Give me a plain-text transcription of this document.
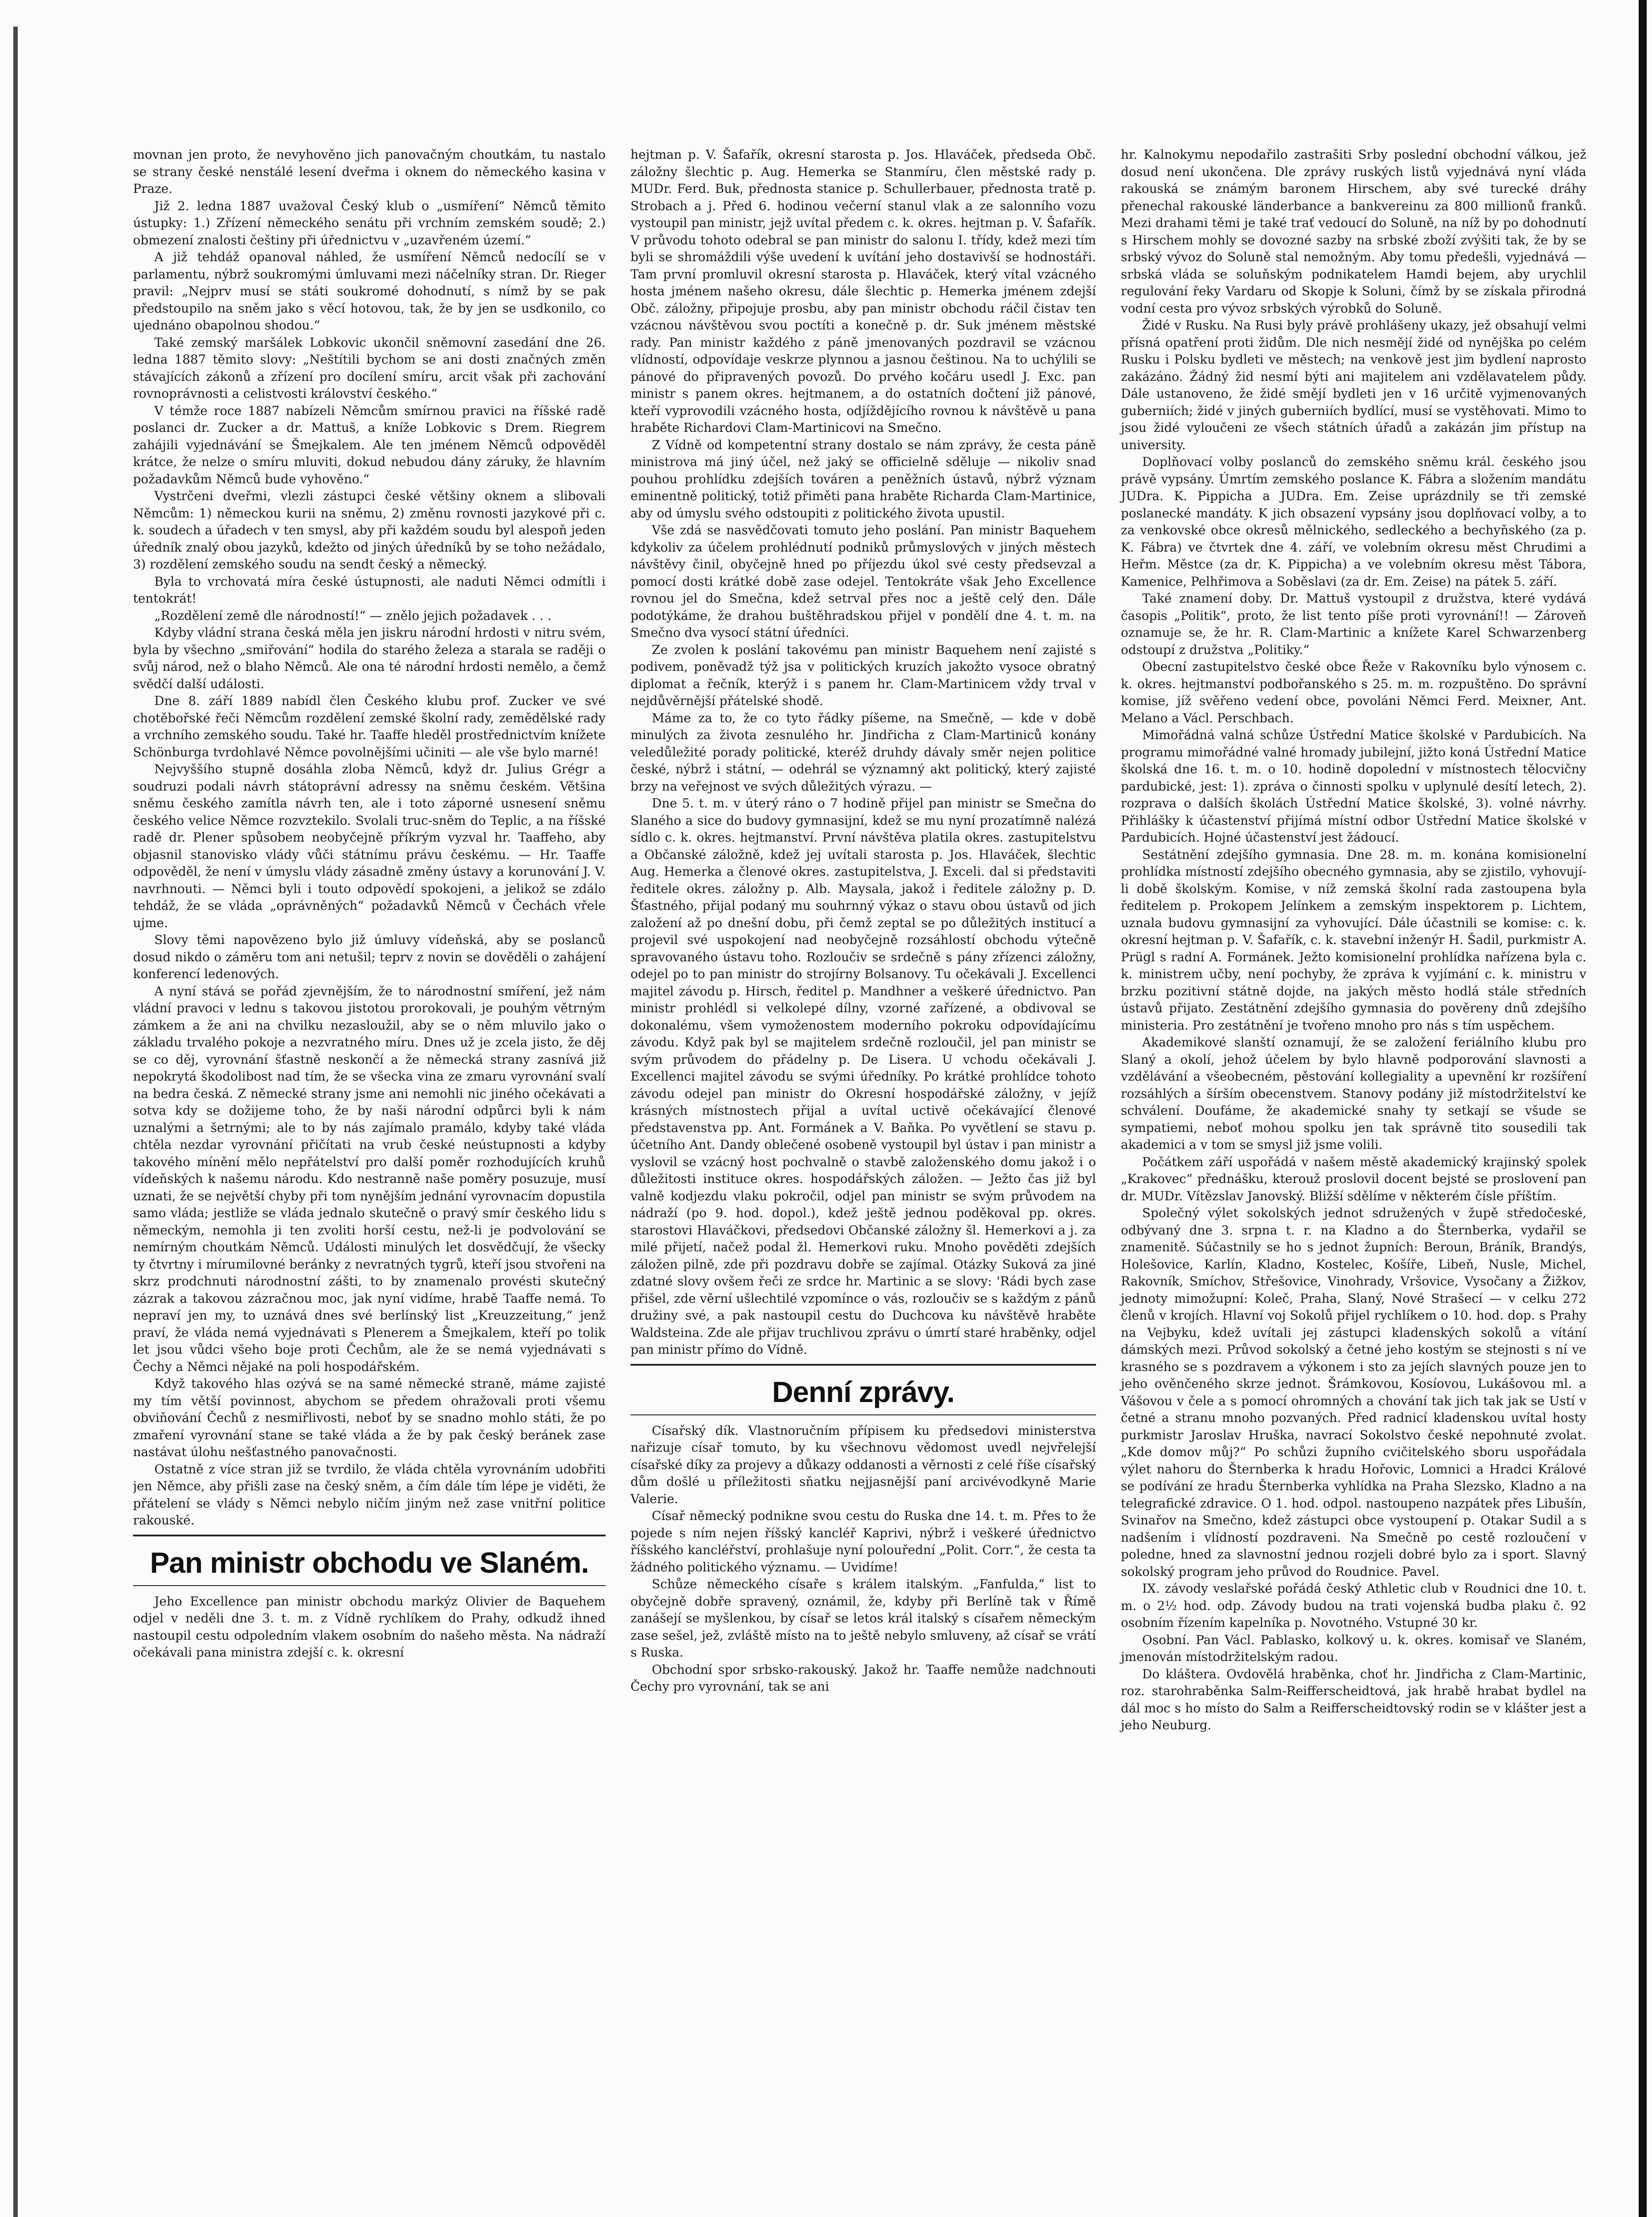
movnan jen proto, že nevyhověno jich panovačným choutkám, tu nastalo se strany české nenstálé lesení dveřma i oknem do německého kasina v Praze.

Již 2. ledna 1887 uvažoval Český klub o „usmíření“ Němců těmito ústupky: 1.) Zřízení německého senátu při vrchním zemském soudě; 2.) obmezení znalosti češtiny při úřednictvu v „uzavřeném území.“

A již tehdáž opanoval náhled, že usmíření Němců nedocílí se v parlamentu, nýbrž soukromými úmluvami mezi náčelníky stran. Dr. Rieger pravil: „Nejprv musí se státi soukromé dohodnutí, s nímž by se pak předstoupilo na sněm jako s věcí hotovou, tak, že by jen se usdkonilo, co ujednáno obapolnou shodou.“

Také zemský maršálek Lobkovic ukončil sněmovní zasedání dne 26. ledna 1887 těmito slovy: „Neštítili bychom se ani dosti značných změn stávajících zákonů a zřízení pro docílení smíru, arcit však při zachování rovnoprávnosti a celistvosti království českého.“

V témže roce 1887 nabízeli Němcům smírnou pravici na říšské radě poslanci dr. Zucker a dr. Mattuš, a kníže Lobkovic s Drem. Riegrem zahájili vyjednávání se Šmejkalem. Ale ten jménem Němců odpověděl krátce, že nelze o smíru mluviti, dokud nebudou dány záruky, že hlavním požadavkům Němců bude vyhověno.“

Vystrčeni dveřmi, vlezli zástupci české většiny oknem a slibovali Němcům: 1) německou kurii na sněmu, 2) změnu rovnosti jazykové při c. k. soudech a úřadech v ten smysl, aby při každém soudu byl alespoň jeden úředník znalý obou jazyků, kdežto od jiných úředníků by se toho nežádalo, 3) rozdělení zemského soudu na sendt český a německý.

Byla to vrchovatá míra české ústupnosti, ale naduti Němci odmítli i tentokrát!

„Rozdělení země dle národností!“ — znělo jejich požadavek . . .

Kdyby vládní strana česká měla jen jiskru národní hrdosti v nitru svém, byla by všechno „smiřování“ hodila do starého železa a starala se raději o svůj národ, než o blaho Němců. Ale ona té národní hrdosti nemělo, a čemž svědčí další události.

Dne 8. září 1889 nabídl člen Českého klubu prof. Zucker ve své chotěbořské řeči Němcům rozdělení zemské školní rady, zemědělské rady a vrchního zemského soudu. Také hr. Taaffe hleděl prostřednictvím knížete Schönburga tvrdohlavé Němce povolnějšími učiniti — ale vše bylo marné!

Nejvyššího stupně dosáhla zloba Němců, když dr. Julius Grégr a soudruzi podali návrh státoprávní adressy na sněmu českém. Většina sněmu českého zamítla návrh ten, ale i toto záporné usnesení sněmu českého velice Němce rozvztekilo. Svolali truc-sněm do Teplic, a na říšské radě dr. Plener spůsobem neobyčejně příkrým vyzval hr. Taaffeho, aby objasnil stanovisko vlády vůči státnímu právu českému. — Hr. Taaffe odpověděl, že není v úmyslu vlády zásadně změny ústavy a korunování J. V. navrhnouti. — Němci byli i touto odpovědí spokojeni, a jelikož se zdálo tehdáž, že se vláda „oprávněných“ požadavků Němců v Čechách vřele ujme.

Slovy těmi napovězeno bylo již úmluvy vídeňská, aby se poslanců dosud nikdo o záměru tom ani netušil; teprv z novin se dověděli o zahájení konferencí ledenových.

A nyní stává se pořád zjevnějším, že to národnostní smíření, jež nám vládní pravoci v lednu s takovou jistotou prorokovali, je pouhým větrným zámkem a že ani na chvilku nezasloužil, aby se o něm mluvilo jako o základu trvalého pokoje a nezvratného míru. Dnes už je zcela jisto, že děj se co děj, vyrovnání šťastně neskončí a že německá strany zasnívá již nepokrytá škodolibost nad tím, že se všecka vina ze zmaru vyrovnání svalí na bedra česká. Z německé strany jsme ani nemohli nic jiného očekávati a sotva kdy se dožijeme toho, že by naši národní odpůrci byli k nám uznalými a šetrnými; ale to by nás zajímalo pramálo, kdyby také vláda chtěla nezdar vyrovnání přičítati na vrub české neústupnosti a kdyby takového mínění mělo nepřátelství pro další poměr rozhodujících kruhů vídeňských k našemu národu. Kdo nestranně naše poměry posuzuje, musí uznati, že se největší chyby při tom nynějším jednání vyrovnacím dopustila samo vláda; jestliže se vláda jednalo skutečně o pravý smír českého lidu s německým, nemohla ji ten zvoliti horší cestu, než-li je podvolování se nemírným choutkám Němců. Události minulých let dosvědčují, že všecky ty čtvrtny i mírumilovné beránky z nevratných tygrů, kteří jsou stvořeni na skrz prodchnuti národnostní zášti, to by znamenalo provésti skutečný zázrak a takovou zázračnou moc, jak nyní vidíme, hrabě Taaffe nemá. To nepraví jen my, to uznává dnes své berlínský list „Kreuzzeitung,“ jenž praví, že vláda nemá vyjednávati s Plenerem a Šmejkalem, kteří po tolik let jsou vůdci všeho boje proti Čechům, ale že se nemá vyjednávati s Čechy a Němci nějaké na poli hospodářském.

Když takového hlas ozývá se na samé německé straně, máme zajisté my tím větší povinnost, abychom se předem ohražovali proti všemu obviňování Čechů z nesmiřlivosti, neboť by se snadno mohlo státi, že po zmaření vyrovnání stane se také vláda a že by pak český beránek zase nastávat úlohu nešťastného panovačnosti.

Ostatně z více stran již se tvrdilo, že vláda chtěla vyrovnáním udobřiti jen Němce, aby přišli zase na český sněm, a čím dále tím lépe je viděti, že přátelení se vlády s Němci nebylo ničím jiným než zase vnitřní politice rakouské.

Pan ministr obchodu ve Slaném.

Jeho Excellence pan ministr obchodu markýz Olivier de Baquehem odjel v neděli dne 3. t. m. z Vídně rychlíkem do Prahy, odkudž ihned nastoupil cestu odpoledním vlakem osobním do našeho města. Na nádraží očekávali pana ministra zdejší c. k. okresní

hejtman p. V. Šafařík, okresní starosta p. Jos. Hlaváček, předseda Obč. záložny šlechtic p. Aug. Hemerka se Stanmíru, člen městské rady p. MUDr. Ferd. Buk, přednosta stanice p. Schullerbauer, přednosta tratě p. Strobach a j. Před 6. hodinou večerní stanul vlak a ze salonního vozu vystoupil pan ministr, jejž uvítal předem c. k. okres. hejtman p. V. Šafařík. V průvodu tohoto odebral se pan ministr do salonu I. třídy, kdež mezi tím byli se shromáždili výše uvedení k uvítání jeho dostavivší se hodnostáři. Tam první promluvil okresní starosta p. Hlaváček, který vítal vzácného hosta jménem našeho okresu, dále šlechtic p. Hemerka jménem zdejší Obč. záložny, připojuje prosbu, aby pan ministr obchodu ráčil čistav ten vzácnou návštěvou svou poctíti a konečně p. dr. Suk jménem městské rady. Pan ministr každého z páně jmenovaných pozdravil se vzácnou vlídností, odpovídaje veskrze plynnou a jasnou češtinou. Na to uchýlili se pánové do připravených povozů. Do prvého kočáru usedl J. Exc. pan ministr s panem okres. hejtmanem, a do ostatních dočtení již pánové, kteří vyprovodili vzácného hosta, odjíždějícího rovnou k návštěvě u pana hraběte Richardovi Clam-Martinicovi na Smečno.

Z Vídně od kompetentní strany dostalo se nám zprávy, že cesta páně ministrova má jiný účel, než jaký se officielně sděluje — nikoliv snad pouhou prohlídku zdejších továren a peněžních ústavů, nýbrž význam eminentně politický, totiž přiměti pana hraběte Richarda Clam-Martinice, aby od úmyslu svého odstoupiti z politického života upustil.

Vše zdá se nasvědčovati tomuto jeho poslání. Pan ministr Baquehem kdykoliv za účelem prohlédnutí podniků průmyslových v jiných městech návštěvy činil, obyčejně hned po příjezdu úkol své cesty předsevzal a pomocí dosti krátké době zase odejel. Tentokráte však Jeho Excellence rovnou jel do Smečna, kdež setrval přes noc a ještě celý den. Dále podotýkáme, že drahou buštěhradskou přijel v pondělí dne 4. t. m. na Smečno dva vysocí státní úředníci.

Ze zvolen k poslání takovému pan ministr Baquehem není zajisté s podivem, poněvadž týž jsa v politických kruzích jakožto vysoce obratný diplomat a řečník, kterýž i s panem hr. Clam-Martinicem vždy trval v nejdůvěrnější přátelské shodě.

Máme za to, že co tyto řádky píšeme, na Smečně, — kde v době minulých za života zesnulého hr. Jindřicha z Clam-Martiniců konány veledůležité porady politické, kteréž druhdy dávaly směr nejen politice české, nýbrž i státní, — odehrál se významný akt politický, který zajisté brzy na veřejnost ve svých důležitých výrazu. —

Dne 5. t. m. v úterý ráno o 7 hodině přijel pan ministr se Smečna do Slaného a sice do budovy gymnasijní, kdež se mu nyní prozatímně nalézá sídlo c. k. okres. hejtmanství. První návštěva platila okres. zastupitelstvu a Občanské záložně, kdež jej uvítali starosta p. Jos. Hlaváček, šlechtic Aug. Hemerka a členové okres. zastupitelstva, J. Exceli. dal si představiti ředitele okres. záložny p. Alb. Maysala, jakož i ředitele záložny p. D. Šťastného, přijal podaný mu souhrnný výkaz o stavu obou ústavů od jich založení až po dnešní dobu, při čemž zeptal se po důležitých institucí a projevil své uspokojení nad neobyčejně rozsáhlostí obchodu výtečně spravovaného ústavu toho. Rozloučiv se srdečně s pány zřízenci záložny, odejel po to pan ministr do strojírny Bolsanovy. Tu očekávali J. Excellenci majitel závodu p. Hirsch, ředitel p. Mandhner a veškeré úřednictvo. Pan ministr prohlédl si velkolepé dílny, vzorné zařízené, a obdivoval se dokonalému, všem vymoženostem moderního pokroku odpovídajícímu závodu. Když pak byl se majitelem srdečně rozloučil, jel pan ministr se svým průvodem do přádelny p. De Lisera. U vchodu očekávali J. Excellenci majitel závodu se svými úředníky. Po krátké prohlídce tohoto závodu odejel pan ministr do Okresní hospodářské záložny, v jejíž krásných místnostech přijal a uvítal uctivě očekávající členové představenstva pp. Ant. Formánek a V. Baňka. Po vyvětlení se stavu p. účetního Ant. Dandy oblečené osobeně vystoupil byl ústav i pan ministr a vyslovil se vzácný host pochvalně o stavbě založenského domu jakož i o důležitosti instituce okres. hospodářských záložen. — Ježto čas již byl valně kodjezdu vlaku pokročil, odjel pan ministr se svým průvodem na nádraží (po 9. hod. dopol.), kdež ještě jednou poděkoval pp. okres. starostovi Hlaváčkovi, předsedovi Občanské záložny šl. Hemerkovi a j. za milé přijetí, načež podal žl. Hemerkovi ruku. Mnoho pověděti zdejších záložen pilně, zde při pozdravu dobře se zajímal. Otázky Suková za jiné zdatné slovy ovšem řeči ze srdce hr. Martinic a se slovy: 'Rádi bych zase přišel, zde věrní ušlechtilé vzpomínce o vás, rozloučiv se s každým z pánů družiny své, a pak nastoupil cestu do Duchcova ku návštěvě hraběte Waldsteina. Zde ale přijav truchlivou zprávu o úmrtí staré hraběnky, odjel pan ministr přímo do Vídně.

Denní zprávy.

Císařský dík. Vlastnoručním přípisem ku předsedovi ministerstva nařizuje císař tomuto, by ku všechnovu vědomost uvedl nejvřelejší císařské díky za projevy a důkazy oddanosti a věrnosti z celé říše císařský dům došlé u příležitosti sňatku nejjasnější paní arcivévodkyně Marie Valerie.

Císař německý podnikne svou cestu do Ruska dne 14. t. m. Přes to že pojede s ním nejen říšský kancléř Kaprivi, nýbrž i veškeré úřednictvo říšského kancléřství, prohlašuje nyní polouřední „Polit. Corr.“, že cesta ta žádného politického významu. — Uvidíme!

Schůze německého císaře s králem italským. „Fanfulda,“ list to obyčejně dobře spravený, oznámil, že, kdyby při Berlíně tak v Římě zanášejí se myšlenkou, by císař se letos král italský s císařem německým zase sešel, jež, zvláště místo na to ještě nebylo smluveny, až císař se vrátí s Ruska.

Obchodní spor srbsko-rakouský. Jakož hr. Taaffe nemůže nadchnouti Čechy pro vyrovnání, tak se ani

hr. Kalnokymu nepodařilo zastrašiti Srby poslední obchodní válkou, jež dosud není ukončena. Dle zprávy ruských listů vyjednává nyní vláda rakouská se známým baronem Hirschem, aby své turecké dráhy přenechal rakouské länderbance a bankvereinu za 800 millionů franků. Mezi drahami těmi je také trať vedoucí do Soluně, na níž by po dohodnutí s Hirschem mohly se dovozné sazby na srbské zboží zvýšiti tak, že by se srbský vývoz do Soluně stal nemožným. Aby tomu předešli, vyjednává — srbská vláda se soluňským podnikatelem Hamdi bejem, aby urychlil regulování řeky Vardaru od Skopje k Soluni, čímž by se získala přirodná vodní cesta pro vývoz srbských výrobků do Soluně.

Židé v Rusku. Na Rusi byly právě prohlášeny ukazy, jež obsahují velmi přísná opatření proti židům. Dle nich nesmějí židé od nynějška po celém Rusku i Polsku bydleti ve městech; na venkově jest jim bydlení naprosto zakázáno. Žádný žid nesmí býti ani majitelem ani vzdělavatelem půdy. Dále ustanoveno, že židé smějí bydleti jen v 16 určitě vyjmenovaných guberniích; židé v jiných guberniích bydlící, musí se vystěhovati. Mimo to jsou židé vyloučeni ze všech státních úřadů a zakázán jim přístup na university.

Doplňovací volby poslanců do zemského sněmu král. českého jsou právě vypsány. Úmrtím zemského poslance K. Fábra a složením mandátu JUDra. K. Pippicha a JUDra. Em. Zeise uprázdnily se tři zemské poslanecké mandáty. K jich obsazení vypsány jsou doplňovací volby, a to za venkovské obce okresů mělnického, sedleckého a bechyňského (za p. K. Fábra) ve čtvrtek dne 4. září, ve volebním okresu měst Chrudimi a Heřm. Městce (za dr. K. Pippicha) a ve volebním okresu měst Tábora, Kamenice, Pelhřimova a Soběslavi (za dr. Em. Zeise) na pátek 5. září.

Také znamení doby. Dr. Mattuš vystoupil z družstva, které vydává časopis „Politik“, proto, že list tento píše proti vyrovnání!! — Zároveň oznamuje se, že hr. R. Clam-Martinic a knížete Karel Schwarzenberg odstoupí z družstva „Politiky.“

Obecní zastupitelstvo české obce Řeže v Rakovníku bylo výnosem c. k. okres. hejtmanství podbořanského s 25. m. m. rozpuštěno. Do správní komise, jíž svěřeno vedení obce, povoláni Němci Ferd. Meixner, Ant. Melano a Václ. Perschbach.

Mimořádná valná schůze Ústřední Matice školské v Pardubicích. Na programu mimořádné valné hromady jubilejní, jižto koná Ústřední Matice školská dne 16. t. m. o 10. hodině dopolední v místnostech tělocvičny pardubické, jest: 1). zpráva o činnosti spolku v uplynulé desítí letech, 2). rozprava o dalších školách Ústřední Matice školské, 3). volné návrhy. Přihlášky k účastenství přijímá místní odbor Ústřední Matice školské v Pardubicích. Hojné účastenství jest žádoucí.

Sestátnění zdejšího gymnasia. Dne 28. m. m. konána komisionelní prohlídka místností zdejšího obecného gymnasia, aby se zjistilo, vyhovují-li době školským. Komise, v níž zemská školní rada zastoupena byla ředitelem p. Prokopem Jelínkem a zemským inspektorem p. Lichtem, uznala budovu gymnasijní za vyhovující. Dále účastnili se komise: c. k. okresní hejtman p. V. Šafařík, c. k. stavební inženýr H. Šadil, purkmistr A. Prügl s radní A. Formánek. Ježto komisionelní prohlídka nařízena byla c. k. ministrem učby, není pochyby, že zpráva k vyjímání c. k. ministru v brzku pozitivní státně dojde, na jakých město hodlá stále středních ústavů přijato. Zestátnění zdejšího gymnasia do pověreny dnů zdejšího ministeria. Pro zestátnění je tvořeno mnoho pro nás s tím uspěchem.

Akademikové slanští oznamují, že se založení feriálního klubu pro Slaný a okolí, jehož účelem by bylo hlavně podporování slavnosti a vzdělávání a všeobecném, pěstování kollegiality a upevnění kr rozšíření rozsáhlých a šírším obecenstvem. Stanovy podány již místodržitelství ke schválení. Doufáme, že akademické snahy ty setkají se všude se sympatiemi, neboť mohou spolku jen tak správně tito sousedili tak akademici a v tom se smysl již jsme volili.

Počátkem září uspořádá v našem městě akademický krajinský spolek „Krakovec“ přednášku, kterouž proslovil docent bejsté se proslovení pan dr. MUDr. Vítězslav Janovský. Bližší sdělíme v některém čísle příštím.

Společný výlet sokolských jednot sdružených v župě středočeské, odbývaný dne 3. srpna t. r. na Kladno a do Šternberka, vydařil se znamenitě. Súčastnily se ho s jednot župních: Beroun, Bráník, Brandýs, Holešovice, Karlín, Kladno, Kostelec, Košíře, Libeň, Nusle, Michel, Rakovník, Smíchov, Střešovice, Vinohrady, Vršovice, Vysočany a Žižkov, jednoty mimožupní: Koleč, Praha, Slaný, Nové Strašecí — v celku 272 členů v krojích. Hlavní voj Sokolů přijel rychlíkem o 10. hod. dop. s Prahy na Vejbyku, kdež uvítali jej zástupci kladenských sokolů a vítání dámských mezi. Průvod sokolský a četné jeho kostým se stejnosti s ní ve krasného se s pozdravem a výkonem i sto za jejích slavných pouze jen to jeho ověnčeného skrze jednot. Šrámkovou, Kosíovou, Lukášovou ml. a Vášovou v čele a s pomocí ohromných a chování tak jich tak jak se Ustí v četné a stranu mnoho pozvaných. Před radnicí kladenskou uvítal hosty purkmistr Jaroslav Hruška, navrací Sokolstvo české nepohnuté zvolat. „Kde domov můj?“ Po schůzi župního cvičitelského sboru uspořádala výlet nahoru do Šternberka k hradu Hořovic, Lomnici a Hradci Králové se podívání ze hradu Šternberka vyhlídka na Praha Slezsko, Kladno a na telegrafické zdravice. O 1. hod. odpol. nastoupeno nazpátek přes Libušín, Svinařov na Smečno, kdež zástupci obce vystoupení p. Otakar Sudil a s nadšením i vlídností pozdraveni. Na Smečně po cestě rozloučení v poledne, hned za slavnostní jednou rozjeli dobré bylo za i sport. Slavný sokolský program jeho průvod do Roudnice. Pavel.

IX. závody veslařské pořádá český Athletic club v Roudnici dne 10. t. m. o 2½ hod. odp. Závody budou na trati vojenská budba plaku č. 92 osobním řízením kapelníka p. Novotného. Vstupné 30 kr.

Osobní. Pan Václ. Pablasko, kolkový u. k. okres. komisař ve Slaném, jmenován místodržitelským radou.

Do kláštera. Ovdovělá hraběnka, choť hr. Jindřicha z Clam-Martinic, roz. starohraběnka Salm-Reifferscheidtová, jak hrabě hrabat bydlel na dál moc s ho místo do Salm a Reifferscheidtovský rodin se v klášter jest a jeho Neuburg.
